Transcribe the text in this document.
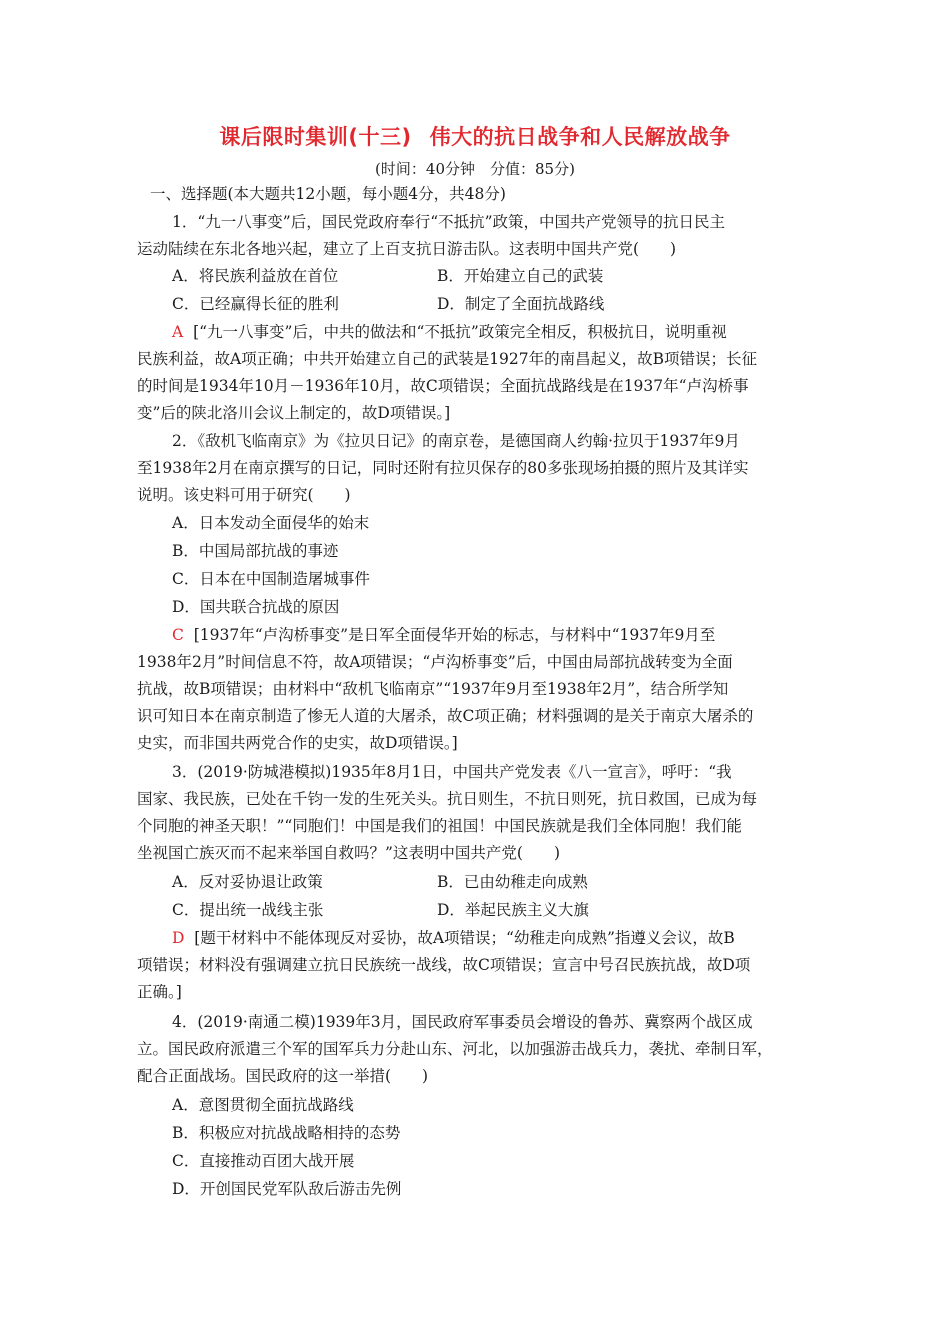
课后限时集训(十三) 伟大的抗日战争和人民解放战争
(时间：40分钟　分值：85分)
一、选择题(本大题共12小题，每小题4分，共48分)
1．“九一八事变”后，国民党政府奉行“不抵抗”政策，中国共产党领导的抗日民主
运动陆续在东北各地兴起，建立了上百支抗日游击队。这表明中国共产党(　　)
A．将民族利益放在首位	B．开始建立自己的武装
C．已经赢得长征的胜利	D．制定了全面抗战路线
A [“九一八事变”后，中共的做法和“不抵抗”政策完全相反，积极抗日，说明重视
民族利益，故A项正确；中共开始建立自己的武装是1927年的南昌起义，故B项错误；长征
的时间是1934年10月－1936年10月，故C项错误；全面抗战路线是在1937年“卢沟桥事
变”后的陕北洛川会议上制定的，故D项错误。]
2．《敌机飞临南京》为《拉贝日记》的南京卷，是德国商人约翰·拉贝于1937年9月
至1938年2月在南京撰写的日记，同时还附有拉贝保存的80多张现场拍摄的照片及其详实
说明。该史料可用于研究(　　)
A．日本发动全面侵华的始末
B．中国局部抗战的事迹
C．日本在中国制造屠城事件
D．国共联合抗战的原因
C [1937年“卢沟桥事变”是日军全面侵华开始的标志，与材料中“1937年9月至
1938年2月”时间信息不符，故A项错误；“卢沟桥事变”后，中国由局部抗战转变为全面
抗战，故B项错误；由材料中“敌机飞临南京”“1937年9月至1938年2月”，结合所学知
识可知日本在南京制造了惨无人道的大屠杀，故C项正确；材料强调的是关于南京大屠杀的
史实，而非国共两党合作的史实，故D项错误。]
3．(2019·防城港模拟)1935年8月1日，中国共产党发表《八一宣言》，呼吁：“我
国家、我民族，已处在千钧一发的生死关头。抗日则生，不抗日则死，抗日救国，已成为每
个同胞的神圣天职！”“同胞们！中国是我们的祖国！中国民族就是我们全体同胞！我们能
坐视国亡族灭而不起来举国自救吗？”这表明中国共产党(　　)
A．反对妥协退让政策	B．已由幼稚走向成熟
C．提出统一战线主张	D．举起民族主义大旗
D [题干材料中不能体现反对妥协，故A项错误；“幼稚走向成熟”指遵义会议，故B
项错误；材料没有强调建立抗日民族统一战线，故C项错误；宣言中号召民族抗战，故D项
正确。]
4．(2019·南通二模)1939年3月，国民政府军事委员会增设的鲁苏、冀察两个战区成
立。国民政府派遣三个军的国军兵力分赴山东、河北，以加强游击战兵力，袭扰、牵制日军，
配合正面战场。国民政府的这一举措(　　)
A．意图贯彻全面抗战路线
B．积极应对抗战战略相持的态势
C．直接推动百团大战开展
D．开创国民党军队敌后游击先例
